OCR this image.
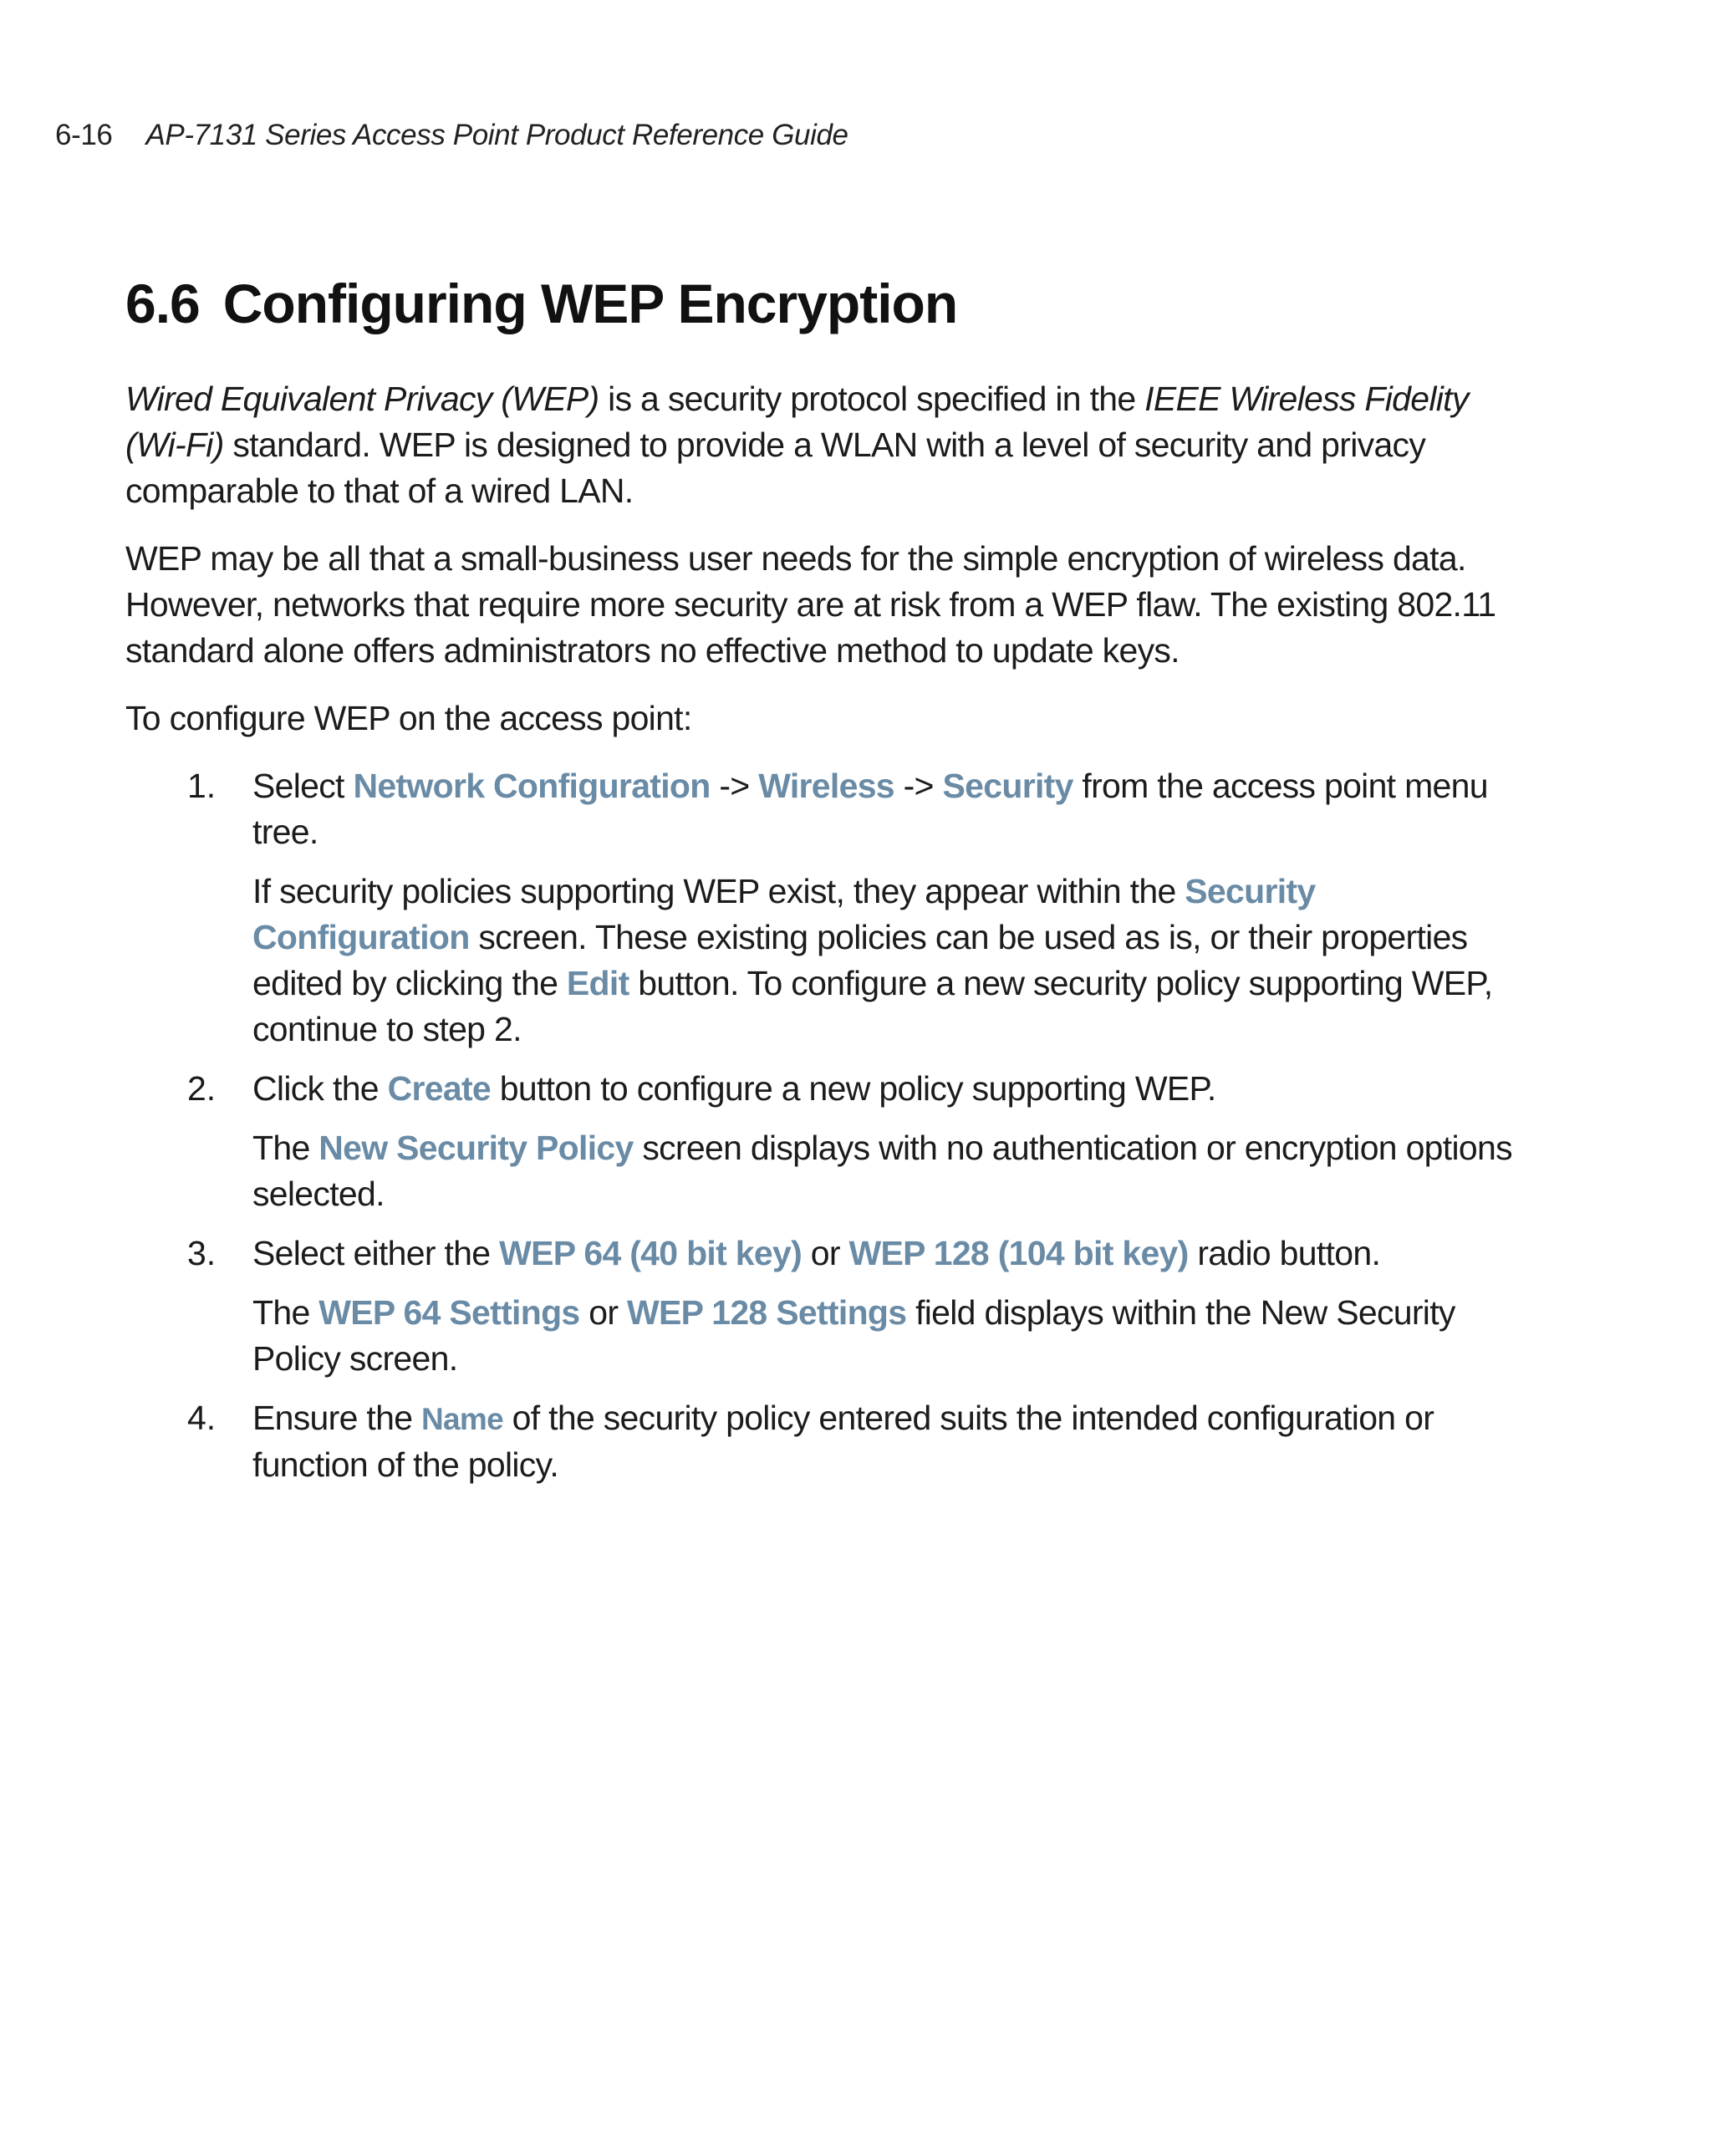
6-16 AP-7131 Series Access Point Product Reference Guide
6.6 Configuring WEP Encryption

Wired Equivalent Privacy (WEP) is a security protocol specified in the IEEE Wireless Fidelity (Wi-Fi) standard. WEP is designed to provide a WLAN with a level of security and privacy comparable to that of a wired LAN.

WEP may be all that a small-business user needs for the simple encryption of wireless data. However, networks that require more security are at risk from a WEP flaw. The existing 802.11 standard alone offers administrators no effective method to update keys.

To configure WEP on the access point:

1. Select Network Configuration -> Wireless -> Security from the access point menu tree.

If security policies supporting WEP exist, they appear within the Security Configuration screen. These existing policies can be used as is, or their properties edited by clicking the Edit button. To configure a new security policy supporting WEP, continue to step 2.

2. Click the Create button to configure a new policy supporting WEP.

The New Security Policy screen displays with no authentication or encryption options selected.

3. Select either the WEP 64 (40 bit key) or WEP 128 (104 bit key) radio button.

The WEP 64 Settings or WEP 128 Settings field displays within the New Security Policy screen.

4. Ensure the Name of the security policy entered suits the intended configuration or function of the policy.
